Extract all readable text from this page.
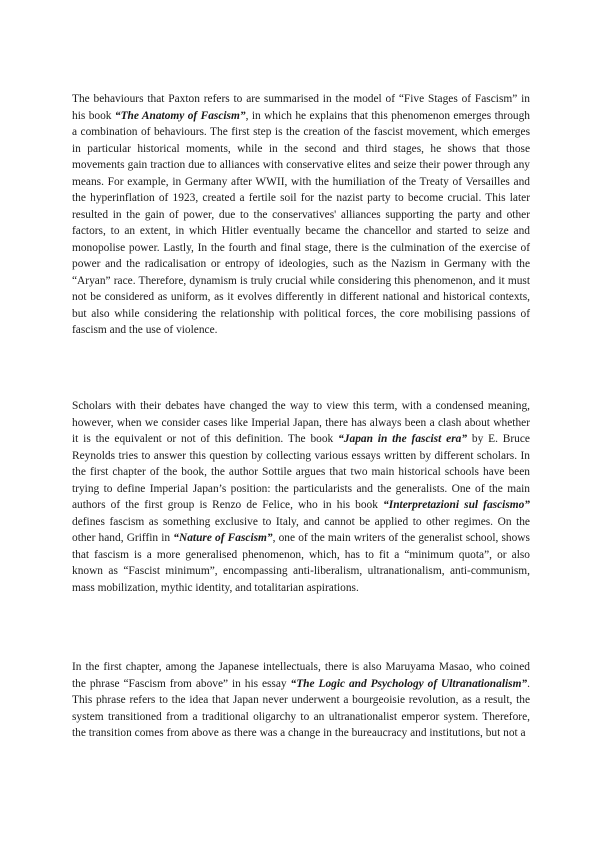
The behaviours that Paxton refers to are summarised in the model of “Five Stages of Fascism” in his book “The Anatomy of Fascism”, in which he explains that this phenomenon emerges through a combination of behaviours. The first step is the creation of the fascist movement, which emerges in particular historical moments, while in the second and third stages, he shows that those movements gain traction due to alliances with conservative elites and seize their power through any means. For example, in Germany after WWII, with the humiliation of the Treaty of Versailles and the hyperinflation of 1923, created a fertile soil for the nazist party to become crucial. This later resulted in the gain of power, due to the conservatives' alliances supporting the party and other factors, to an extent, in which Hitler eventually became the chancellor and started to seize and monopolise power. Lastly, In the fourth and final stage, there is the culmination of the exercise of power and the radicalisation or entropy of ideologies, such as the Nazism in Germany with the “Aryan” race. Therefore, dynamism is truly crucial while considering this phenomenon, and it must not be considered as uniform, as it evolves differently in different national and historical contexts, but also while considering the relationship with political forces, the core mobilising passions of fascism and the use of violence.

Scholars with their debates have changed the way to view this term, with a condensed meaning, however, when we consider cases like Imperial Japan, there has always been a clash about whether it is the equivalent or not of this definition. The book “Japan in the fascist era” by E. Bruce Reynolds tries to answer this question by collecting various essays written by different scholars. In the first chapter of the book, the author Sottile argues that two main historical schools have been trying to define Imperial Japan’s position: the particularists and the generalists. One of the main authors of the first group is Renzo de Felice, who in his book “Interpretazioni sul fascismo” defines fascism as something exclusive to Italy, and cannot be applied to other regimes. On the other hand, Griffin in “Nature of Fascism”, one of the main writers of the generalist school, shows that fascism is a more generalised phenomenon, which, has to fit a “minimum quota”, or also known as “Fascist minimum”, encompassing anti-liberalism, ultranationalism, anti-communism, mass mobilization, mythic identity, and totalitarian aspirations.

In the first chapter, among the Japanese intellectuals, there is also Maruyama Masao, who coined the phrase “Fascism from above” in his essay “The Logic and Psychology of Ultranationalism”. This phrase refers to the idea that Japan never underwent a bourgeoisie revolution, as a result, the system transitioned from a traditional oligarchy to an ultranationalist emperor system. Therefore, the transition comes from above as there was a change in the bureaucracy and institutions, but not a
